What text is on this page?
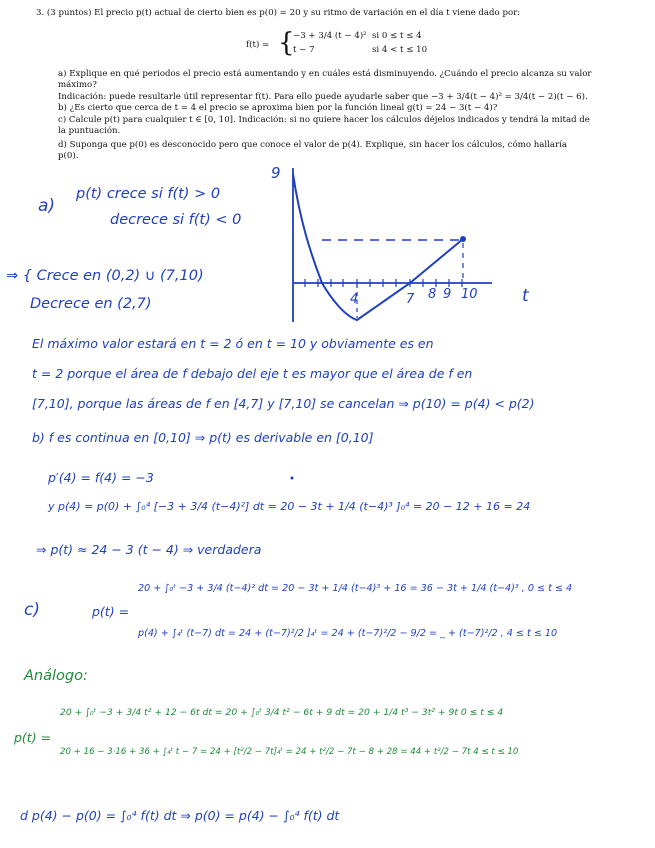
3. (3 puntos) El precio p(t) actual de cierto bien es p(0) = 20 y su ritmo de variación en el día t viene dado por:
f(t) = {
−3 + 3/4 (t − 4)² si 0 ≤ t ≤ 4
t − 7	si 4 < t ≤ 10
a) Explique en qué periodos el precio está aumentando y en cuáles está disminuyendo. ¿Cuándo el precio alcanza su valor
máximo?
Indicación: puede resultarle útil representar f(t). Para ello puede ayudarle saber que −3 + 3/4(t − 4)² = 3/4(t − 2)(t − 6).
b) ¿Es cierto que cerca de t = 4 el precio se aproxima bien por la función lineal g(t) = 24 − 3(t − 4)?
c) Calcule p(t) para cualquier t ∈ [0, 10]. Indicación: si no quiere hacer los cálculos déjelos indicados y tendrá la mitad de
la puntuación.
d) Suponga que p(0) es desconocido pero que conoce el valor de p(4). Explique, sin hacer los cálculos, cómo hallaría
p(0).
9
4	7 8 9 10	t
a)
p(t) crece si f(t) > 0
decrece si f(t) < 0
⇒ { Crece en (0,2) ∪ (7,10)
Decrece en (2,7)
El máximo valor estará en t = 2 ó en t = 10 y obviamente es en
t = 2 porque el área de f debajo del eje t es mayor que el área de f en
[7,10], porque las áreas de f en [4,7] y [7,10] se cancelan ⇒ p(10) = p(4) < p(2)
b) f es continua en [0,10] ⇒ p(t) es derivable en [0,10]
p′(4) = f(4) = −3
y p(4) = p(0) + ∫₀⁴ [−3 + 3/4 (t−4)²] dt = 20 − 3t + 1/4 (t−4)³ ]₀⁴ = 20 − 12 + 16 = 24
⇒ p(t) ≈ 24 − 3 (t − 4) ⇒ verdadera
c)	p(t) =
20 + ∫₀ᵗ −3 + 3/4 (t−4)² dt = 20 − 3t + 1/4 (t−4)³ + 16 = 36 − 3t + 1/4 (t−4)³ , 0 ≤ t ≤ 4
p(4) + ∫₄ᵗ (t−7) dt = 24 + (t−7)²/2 ]₄ᵗ = 24 + (t−7)²/2 − 9/2 = _ + (t−7)²/2 , 4 ≤ t ≤ 10
Análogo:
p(t) =
20 + ∫₀ᵗ −3 + 3/4 t² + 12 − 6t dt = 20 + ∫₀ᵗ 3/4 t² − 6t + 9 dt = 20 + 1/4 t³ − 3t² + 9t 0 ≤ t ≤ 4
20 + 16 − 3·16 + 36 + ∫₄ᵗ t − 7 = 24 + [t²/2 − 7t]₄ᵗ = 24 + t²/2 − 7t − 8 + 28 = 44 + t²/2 − 7t 4 ≤ t ≤ 10
d p(4) − p(0) = ∫₀⁴ f(t) dt ⇒ p(0) = p(4) − ∫₀⁴ f(t) dt
